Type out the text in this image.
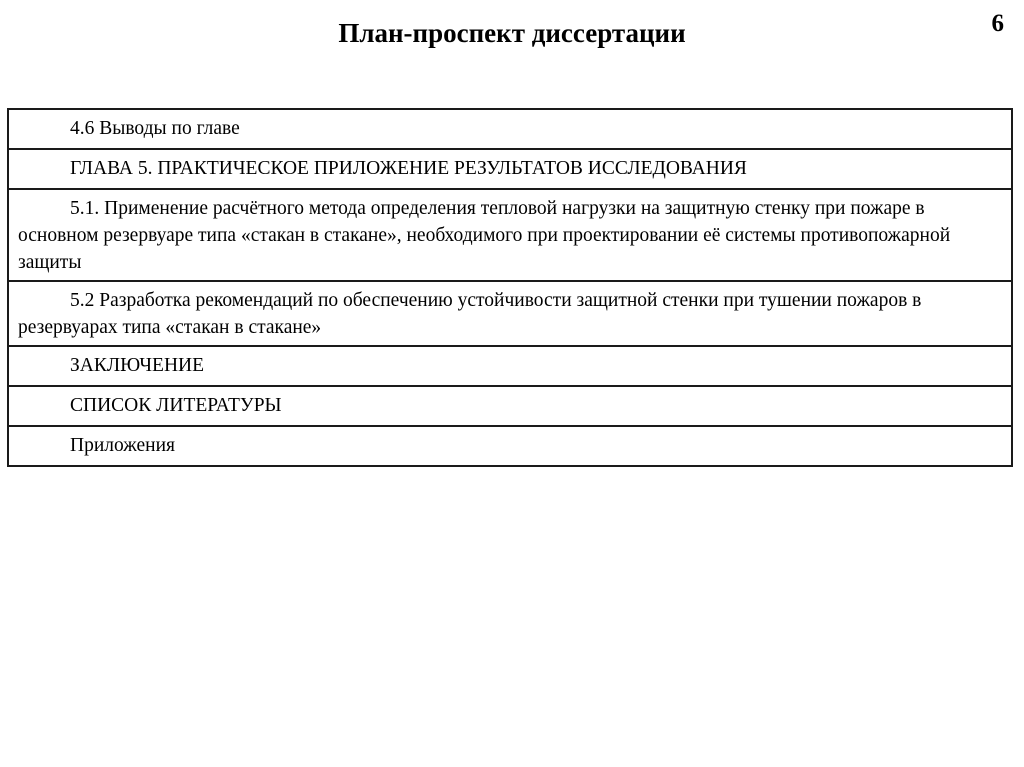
План-проспект диссертации	6
4.6 Выводы по главе

ГЛАВА 5. ПРАКТИЧЕСКОЕ ПРИЛОЖЕНИЕ РЕЗУЛЬТАТОВ ИССЛЕДОВАНИЯ

5.1. Применение расчётного метода определения тепловой нагрузки на защитную стенку при пожаре в основном резервуаре типа «стакан в стакане», необходимого при проектировании её системы противопожарной защиты

5.2 Разработка рекомендаций по обеспечению устойчивости защитной стенки при тушении пожаров в резервуарах типа «стакан в стакане»

ЗАКЛЮЧЕНИЕ

СПИСОК ЛИТЕРАТУРЫ

Приложения
